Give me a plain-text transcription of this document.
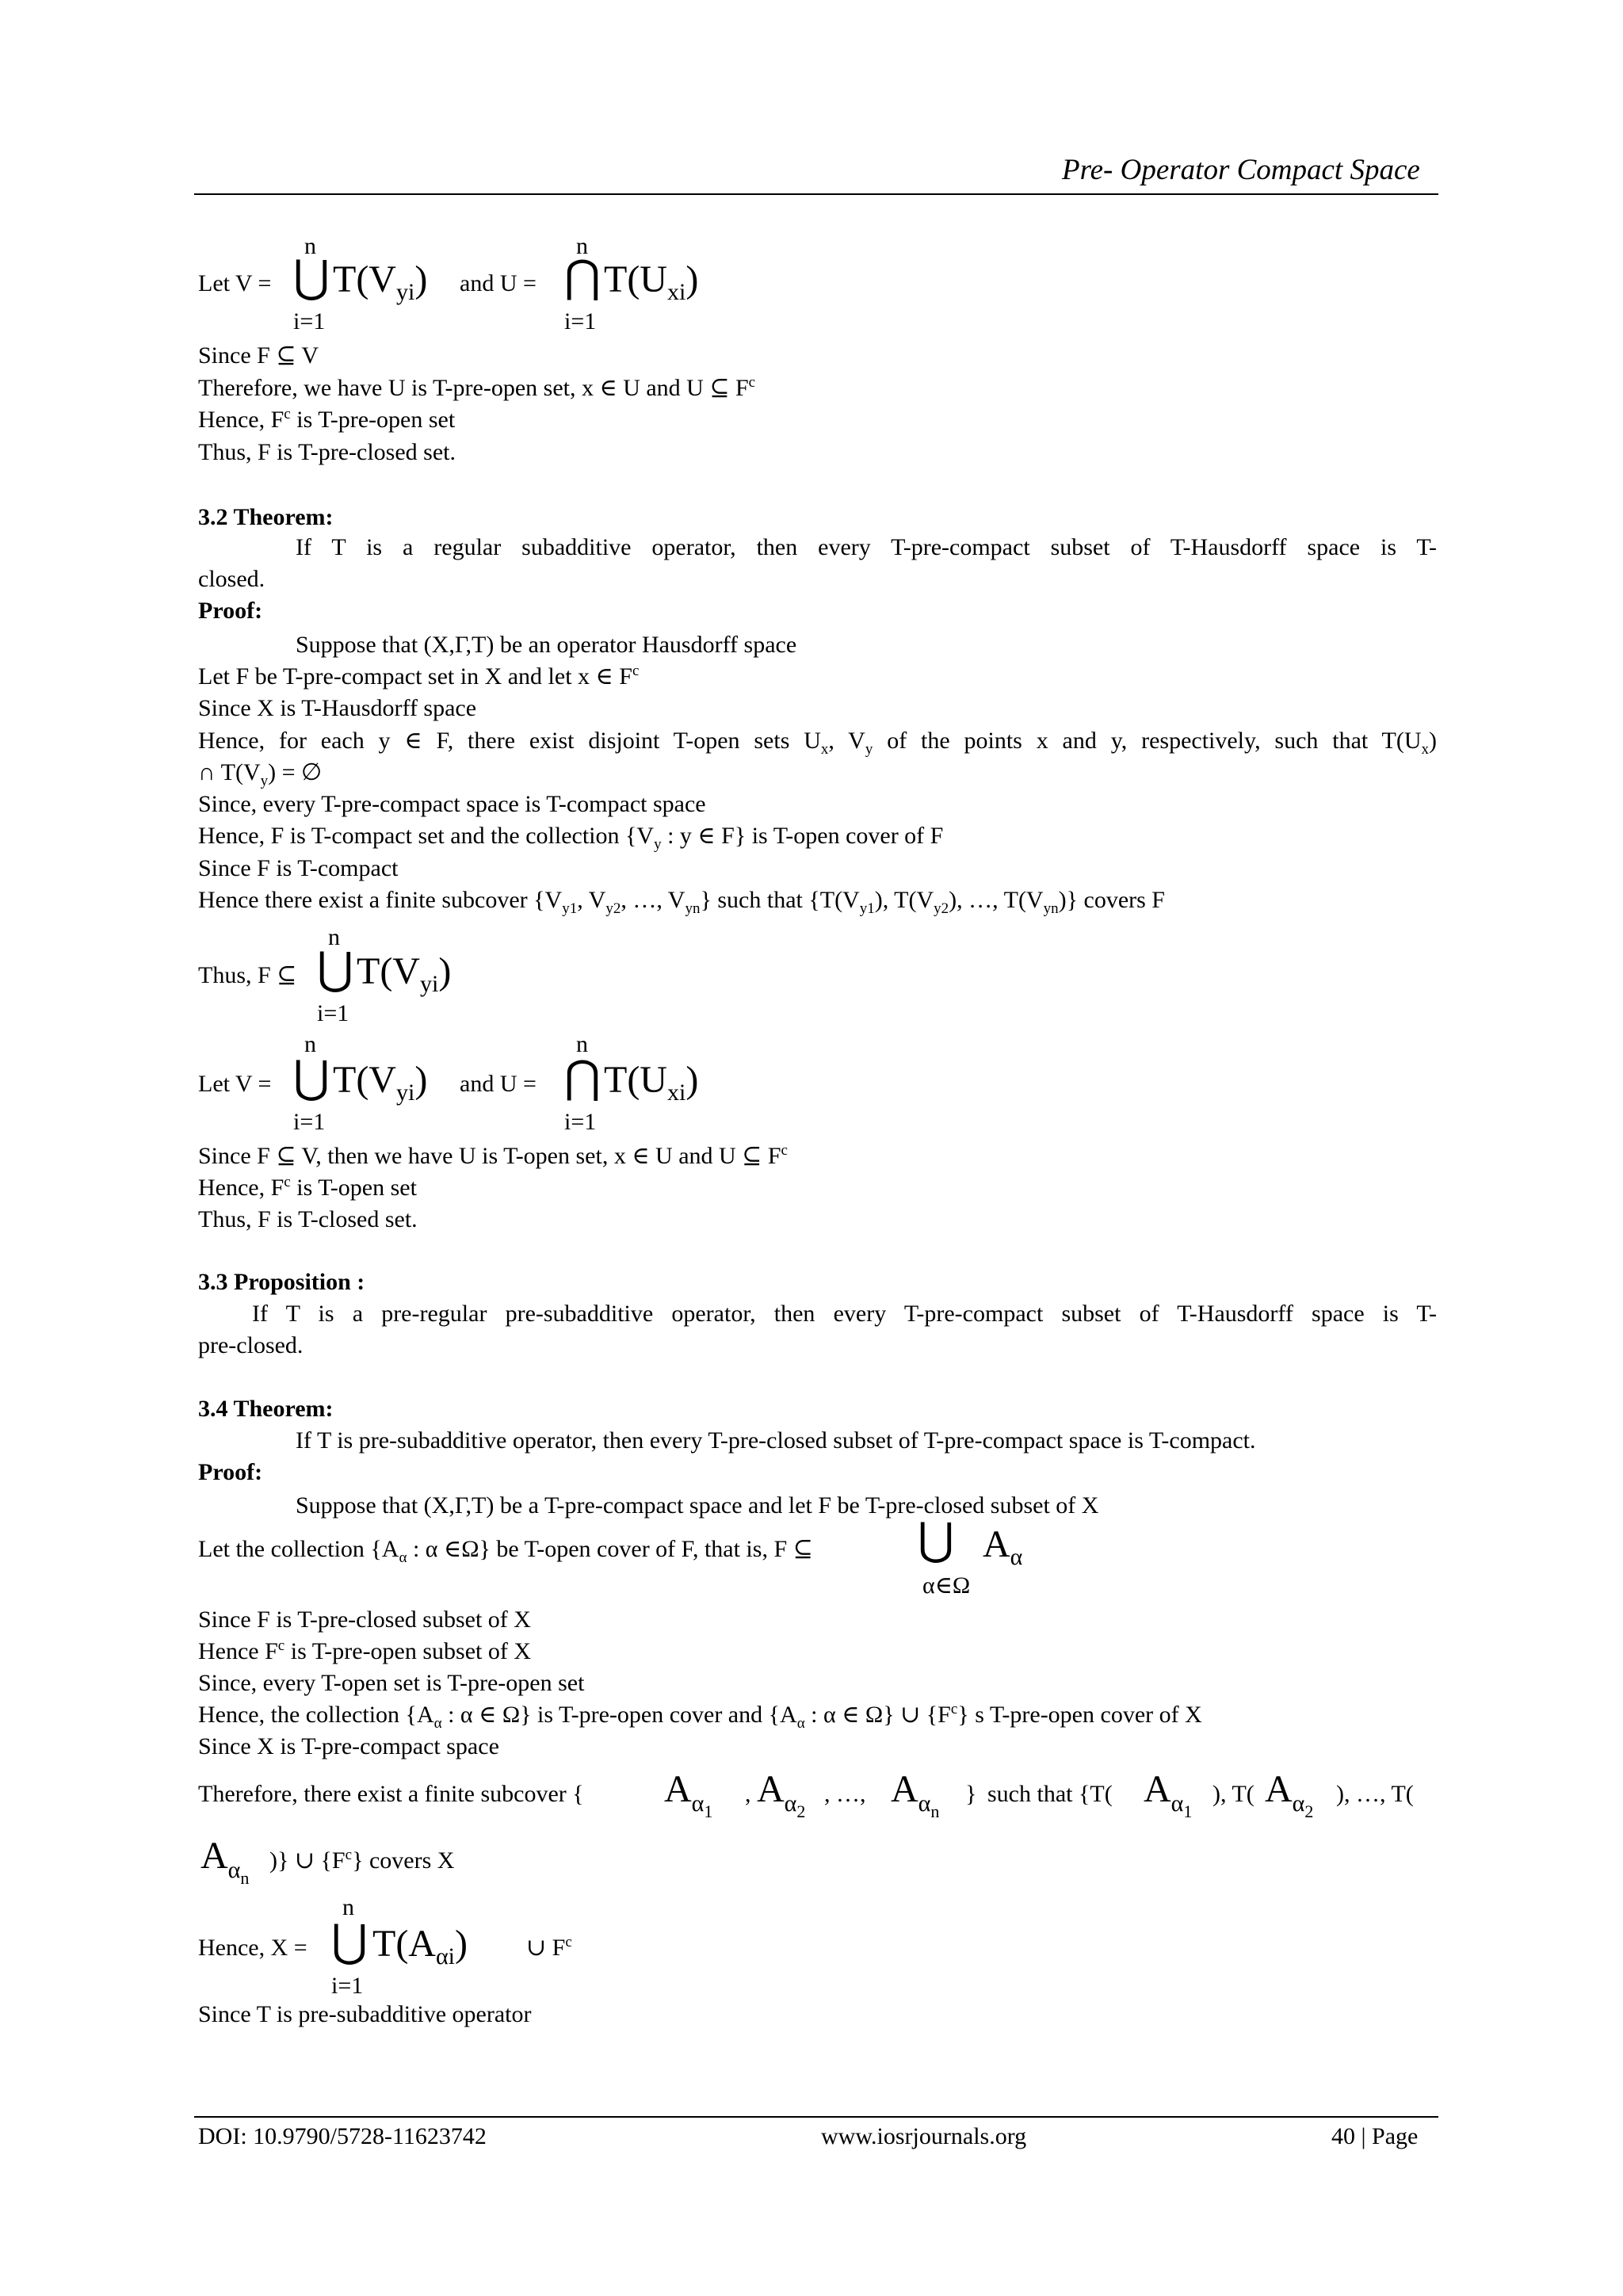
Pre- Operator Compact Space
n
Let V = ⋃ $T(V_{yi})$
i=1
and U =
n
⋂ $T(U_{xi})$
i=1
Since F ⊆ V
Therefore, we have U is T-pre-open set, x ∈ U and U ⊆ $F^c$
Hence, $F^c$ is T-pre-open set
Thus, F is T-pre-closed set.
3.2 Theorem:
If T is a regular subadditive operator, then every T-pre-compact subset of T-Hausdorff space is T-
closed.
Proof:
Suppose that (X,Γ,T) be an operator Hausdorff space
Let F be T-pre-compact set in X and let x ∈ $F^c$
Since X is T-Hausdorff space
Hence, for each y ∈ F, there exist disjoint T-open sets $U_x$, $V_y$ of the points x and y, respectively, such that $T(U_x)$
∩ $T(V_y)$ = ∅
Since, every T-pre-compact space is T-compact space
Hence, F is T-compact set and the collection {$V_y$ : y ∈ F} is T-open cover of F
Since F is T-compact
Hence there exist a finite subcover {$V_{y1}$, $V_{y2}$, …, $V_{yn}$} such that {$T(V_{y1})$, $T(V_{y2})$, …, $T(V_{yn})$} covers F
n
Thus, F ⊆ ⋃ $T(V_{yi})$
i=1
n
Let V = ⋃ $T(V_{yi})$
i=1
and U =
n
⋂ $T(U_{xi})$
i=1
Since F ⊆ V, then we have U is T-open set, x ∈ U and U ⊆ $F^c$
Hence, $F^c$ is T-open set
Thus, F is T-closed set.
3.3 Proposition :
If T is a pre-regular pre-subadditive operator, then every T-pre-compact subset of T-Hausdorff space is T-
pre-closed.
3.4 Theorem:
If T is pre-subadditive operator, then every T-pre-closed subset of T-pre-compact space is T-compact.
Proof:
Suppose that (X,Γ,T) be a T-pre-compact space and let F be T-pre-closed subset of X
Let the collection {$A_\alpha$ : α ∈Ω} be T-open cover of F, that is, F ⊆ ⋃ $A_\alpha$
α∈Ω
Since F is T-pre-closed subset of X
Hence $F^c$ is T-pre-open subset of X
Since, every T-open set is T-pre-open set
Hence, the collection {$A_\alpha$ : α ∈ Ω} is T-pre-open cover and {$A_\alpha$ : α ∈ Ω} ∪ $\{F^c\}$ s T-pre-open cover of X
Since X is T-pre-compact space
Therefore, there exist a finite subcover { $A_{\alpha 1}$
, $A_{\alpha 2}$
, …, $A_{\alpha n}$
} such that {T( $A_{\alpha 1}$
), T( $A_{\alpha 2}$
), …, T(
$A_{\alpha n}$
)} ∪ $\{F^c\}$ covers X
n
Hence, X = ⋃ $T(A_{\alpha i})$ ∪ $F^c$
i=1
Since T is pre-subadditive operator
DOI: 10.9790/5728-11623742	www.iosrjournals.org	40 | Page
